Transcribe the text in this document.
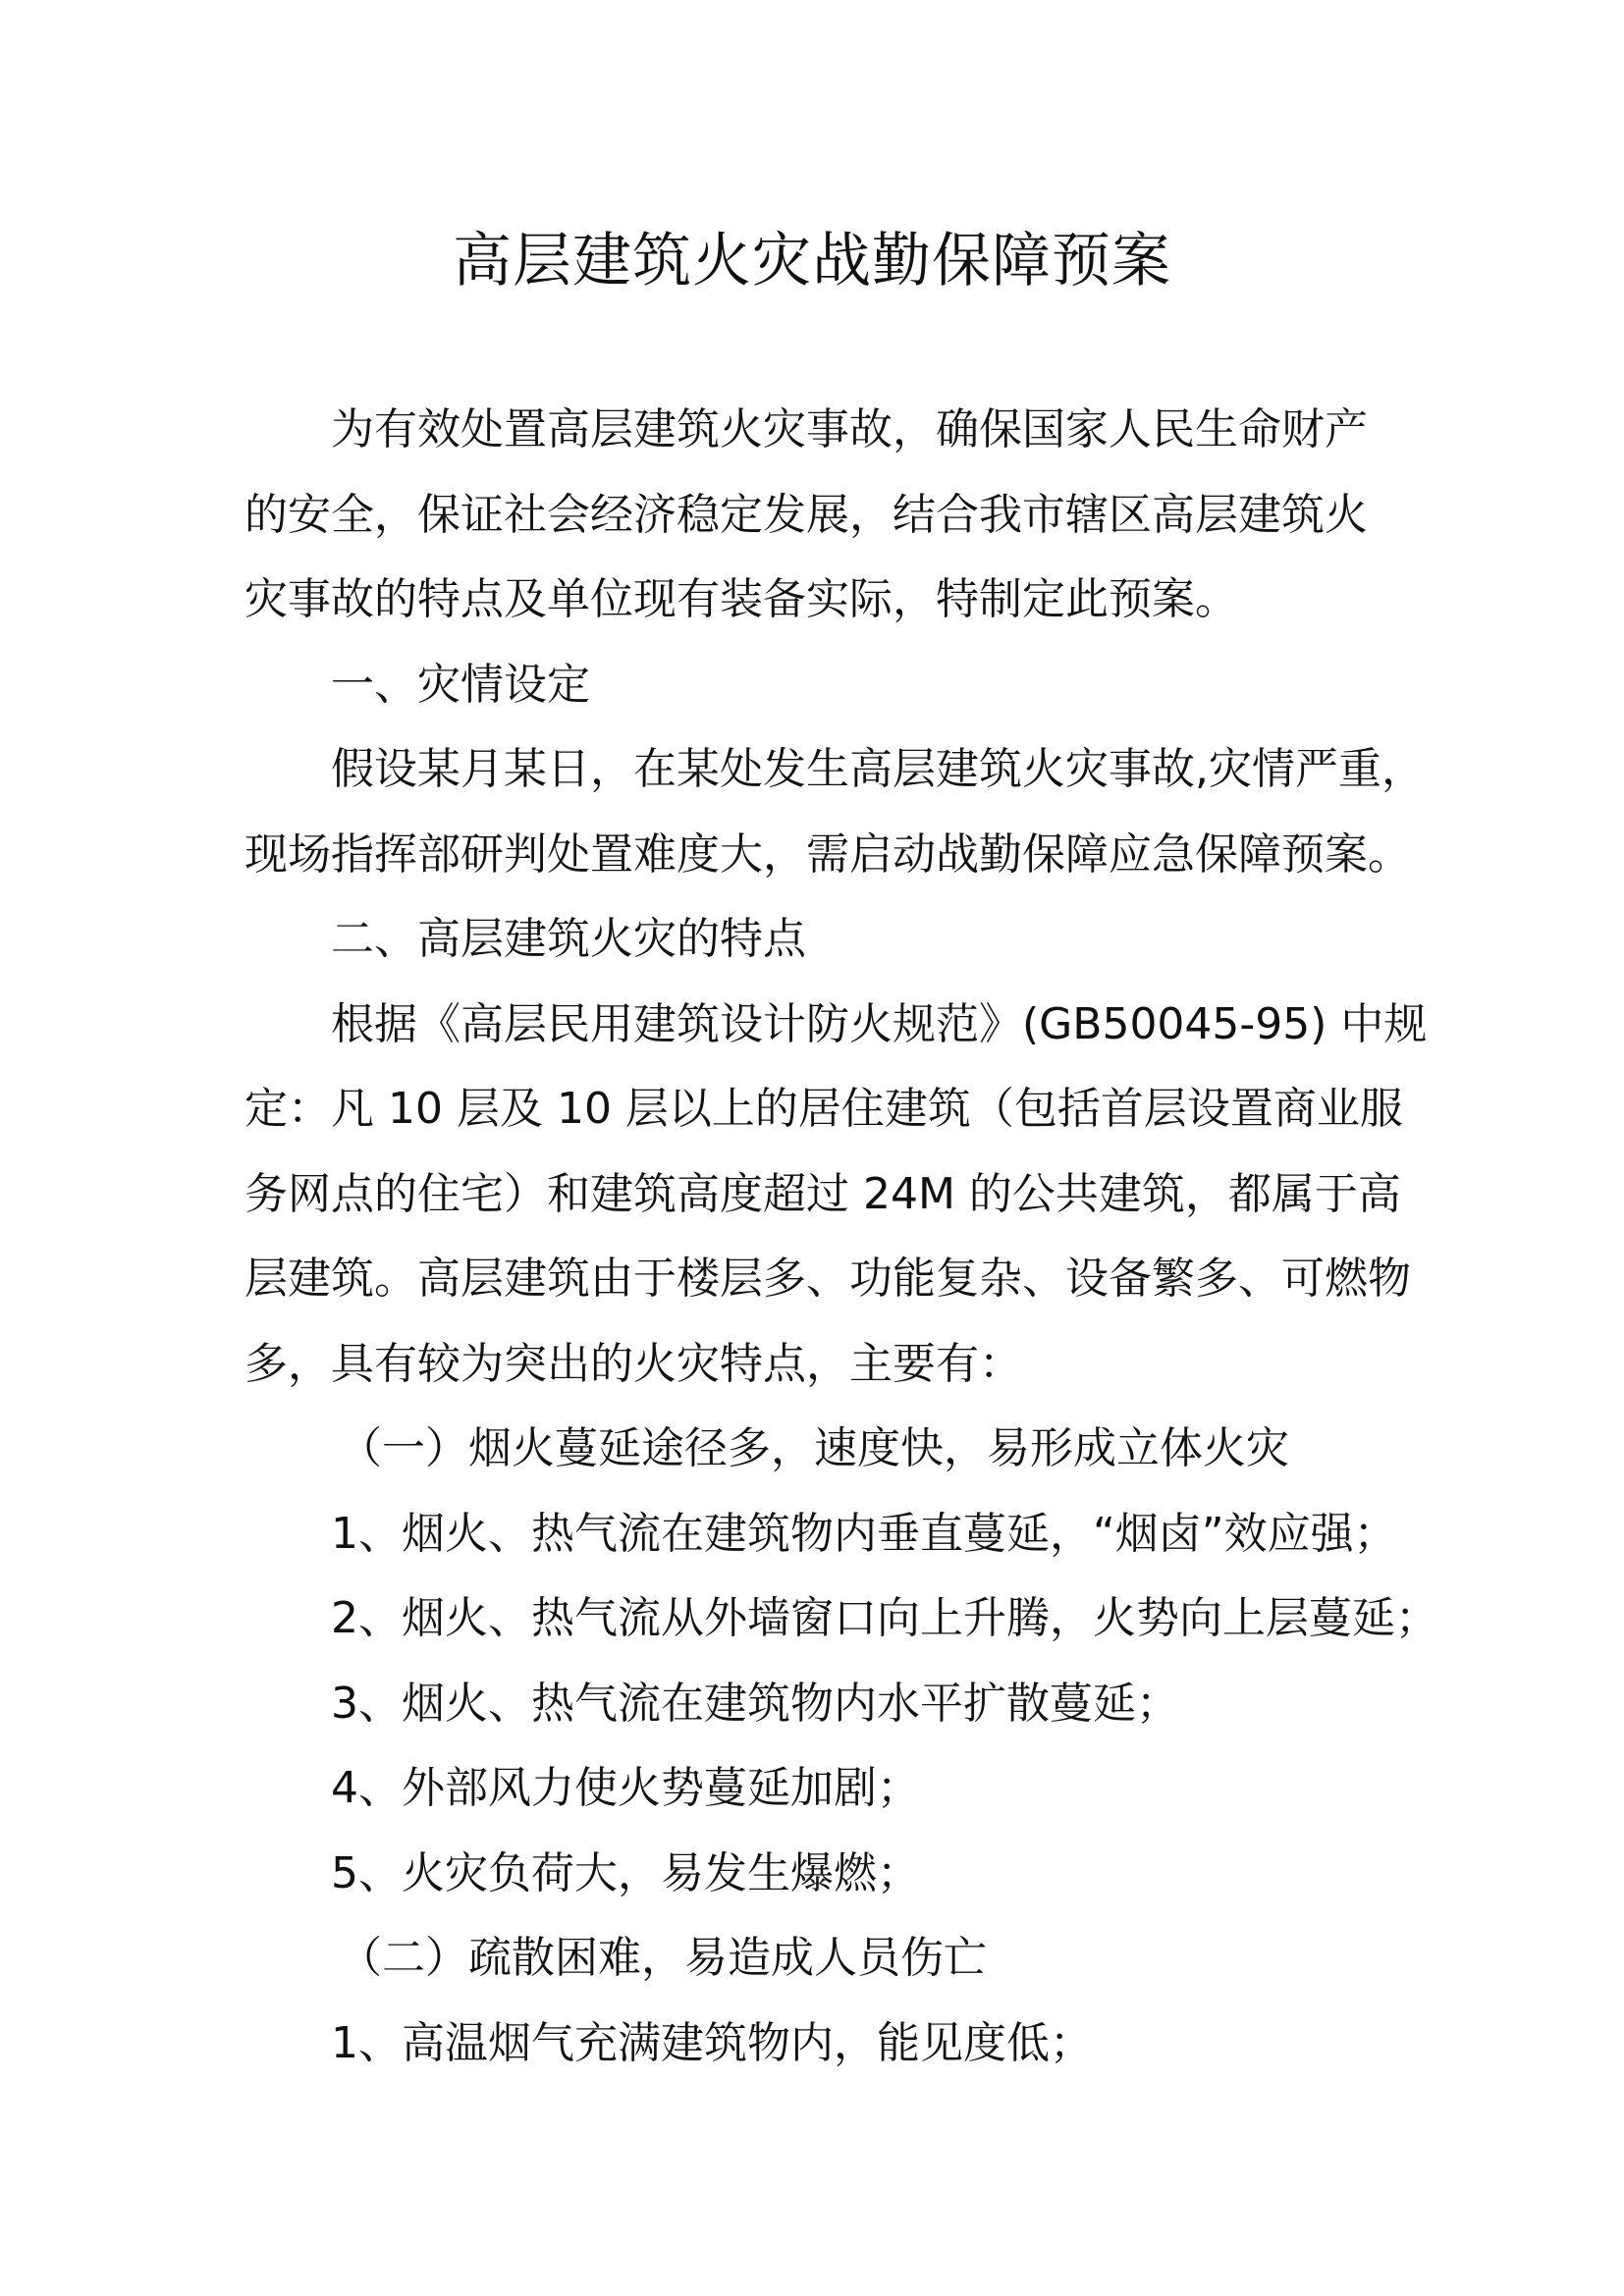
高层建筑火灾战勤保障预案
为有效处置高层建筑火灾事故，确保国家人民生命财产
的安全，保证社会经济稳定发展，结合我市辖区高层建筑火
灾事故的特点及单位现有装备实际，特制定此预案。
一、灾情设定
假设某月某日，在某处发生高层建筑火灾事故,灾情严重，
现场指挥部研判处置难度大，需启动战勤保障应急保障预案。
二、高层建筑火灾的特点
根据《高层民用建筑设计防火规范》(GB50045-95) 中规
定：凡 10 层及 10 层以上的居住建筑（包括首层设置商业服
务网点的住宅）和建筑高度超过 24M 的公共建筑，都属于高
层建筑。高层建筑由于楼层多、功能复杂、设备繁多、可燃物
多，具有较为突出的火灾特点，主要有：
（一）烟火蔓延途径多，速度快，易形成立体火灾
1、烟火、热气流在建筑物内垂直蔓延，“烟卤”效应强；
2、烟火、热气流从外墙窗口向上升腾，火势向上层蔓延；
3、烟火、热气流在建筑物内水平扩散蔓延；
4、外部风力使火势蔓延加剧；
5、火灾负荷大，易发生爆燃；
（二）疏散困难，易造成人员伤亡
1、高温烟气充满建筑物内，能见度低；
